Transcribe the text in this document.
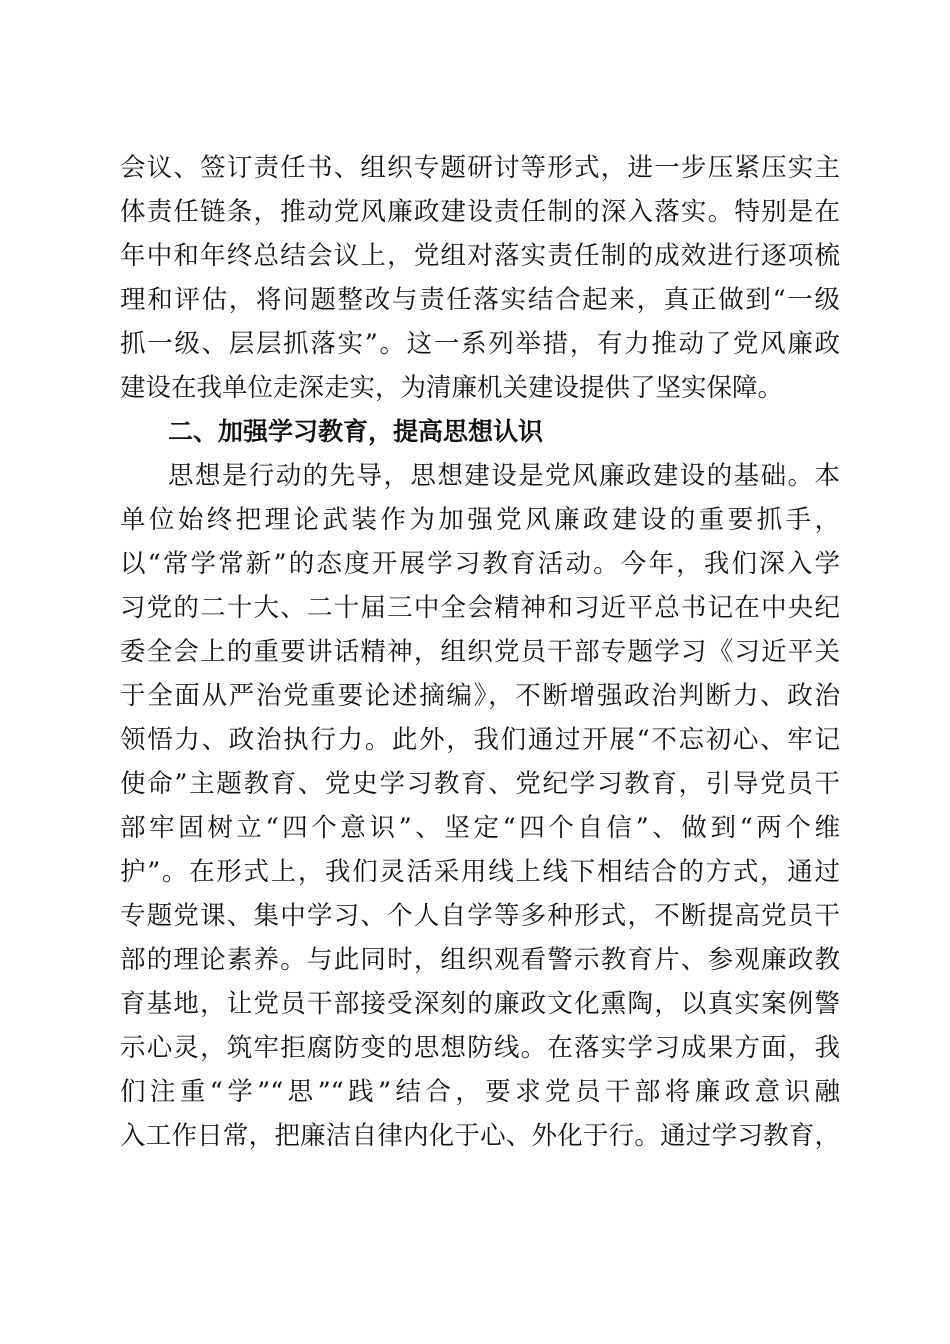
会议、签订责任书、组织专题研讨等形式，进一步压紧压实主
体责任链条，推动党风廉政建设责任制的深入落实。特别是在
年中和年终总结会议上，党组对落实责任制的成效进行逐项梳
理和评估，将问题整改与责任落实结合起来，真正做到“一级
抓一级、层层抓落实”。这一系列举措，有力推动了党风廉政
建设在我单位走深走实，为清廉机关建设提供了坚实保障。
二、加强学习教育，提高思想认识
思想是行动的先导，思想建设是党风廉政建设的基础。本
单位始终把理论武装作为加强党风廉政建设的重要抓手，
以“常学常新”的态度开展学习教育活动。今年，我们深入学
习党的二十大、二十届三中全会精神和习近平总书记在中央纪
委全会上的重要讲话精神，组织党员干部专题学习《习近平关
于全面从严治党重要论述摘编》，不断增强政治判断力、政治
领悟力、政治执行力。此外，我们通过开展“不忘初心、牢记
使命”主题教育、党史学习教育、党纪学习教育，引导党员干
部牢固树立“四个意识”、坚定“四个自信”、做到“两个维
护”。在形式上，我们灵活采用线上线下相结合的方式，通过
专题党课、集中学习、个人自学等多种形式，不断提高党员干
部的理论素养。与此同时，组织观看警示教育片、参观廉政教
育基地，让党员干部接受深刻的廉政文化熏陶，以真实案例警
示心灵，筑牢拒腐防变的思想防线。在落实学习成果方面，我
们注重“学”“思”“践”结合，要求党员干部将廉政意识融
入工作日常，把廉洁自律内化于心、外化于行。通过学习教育，
